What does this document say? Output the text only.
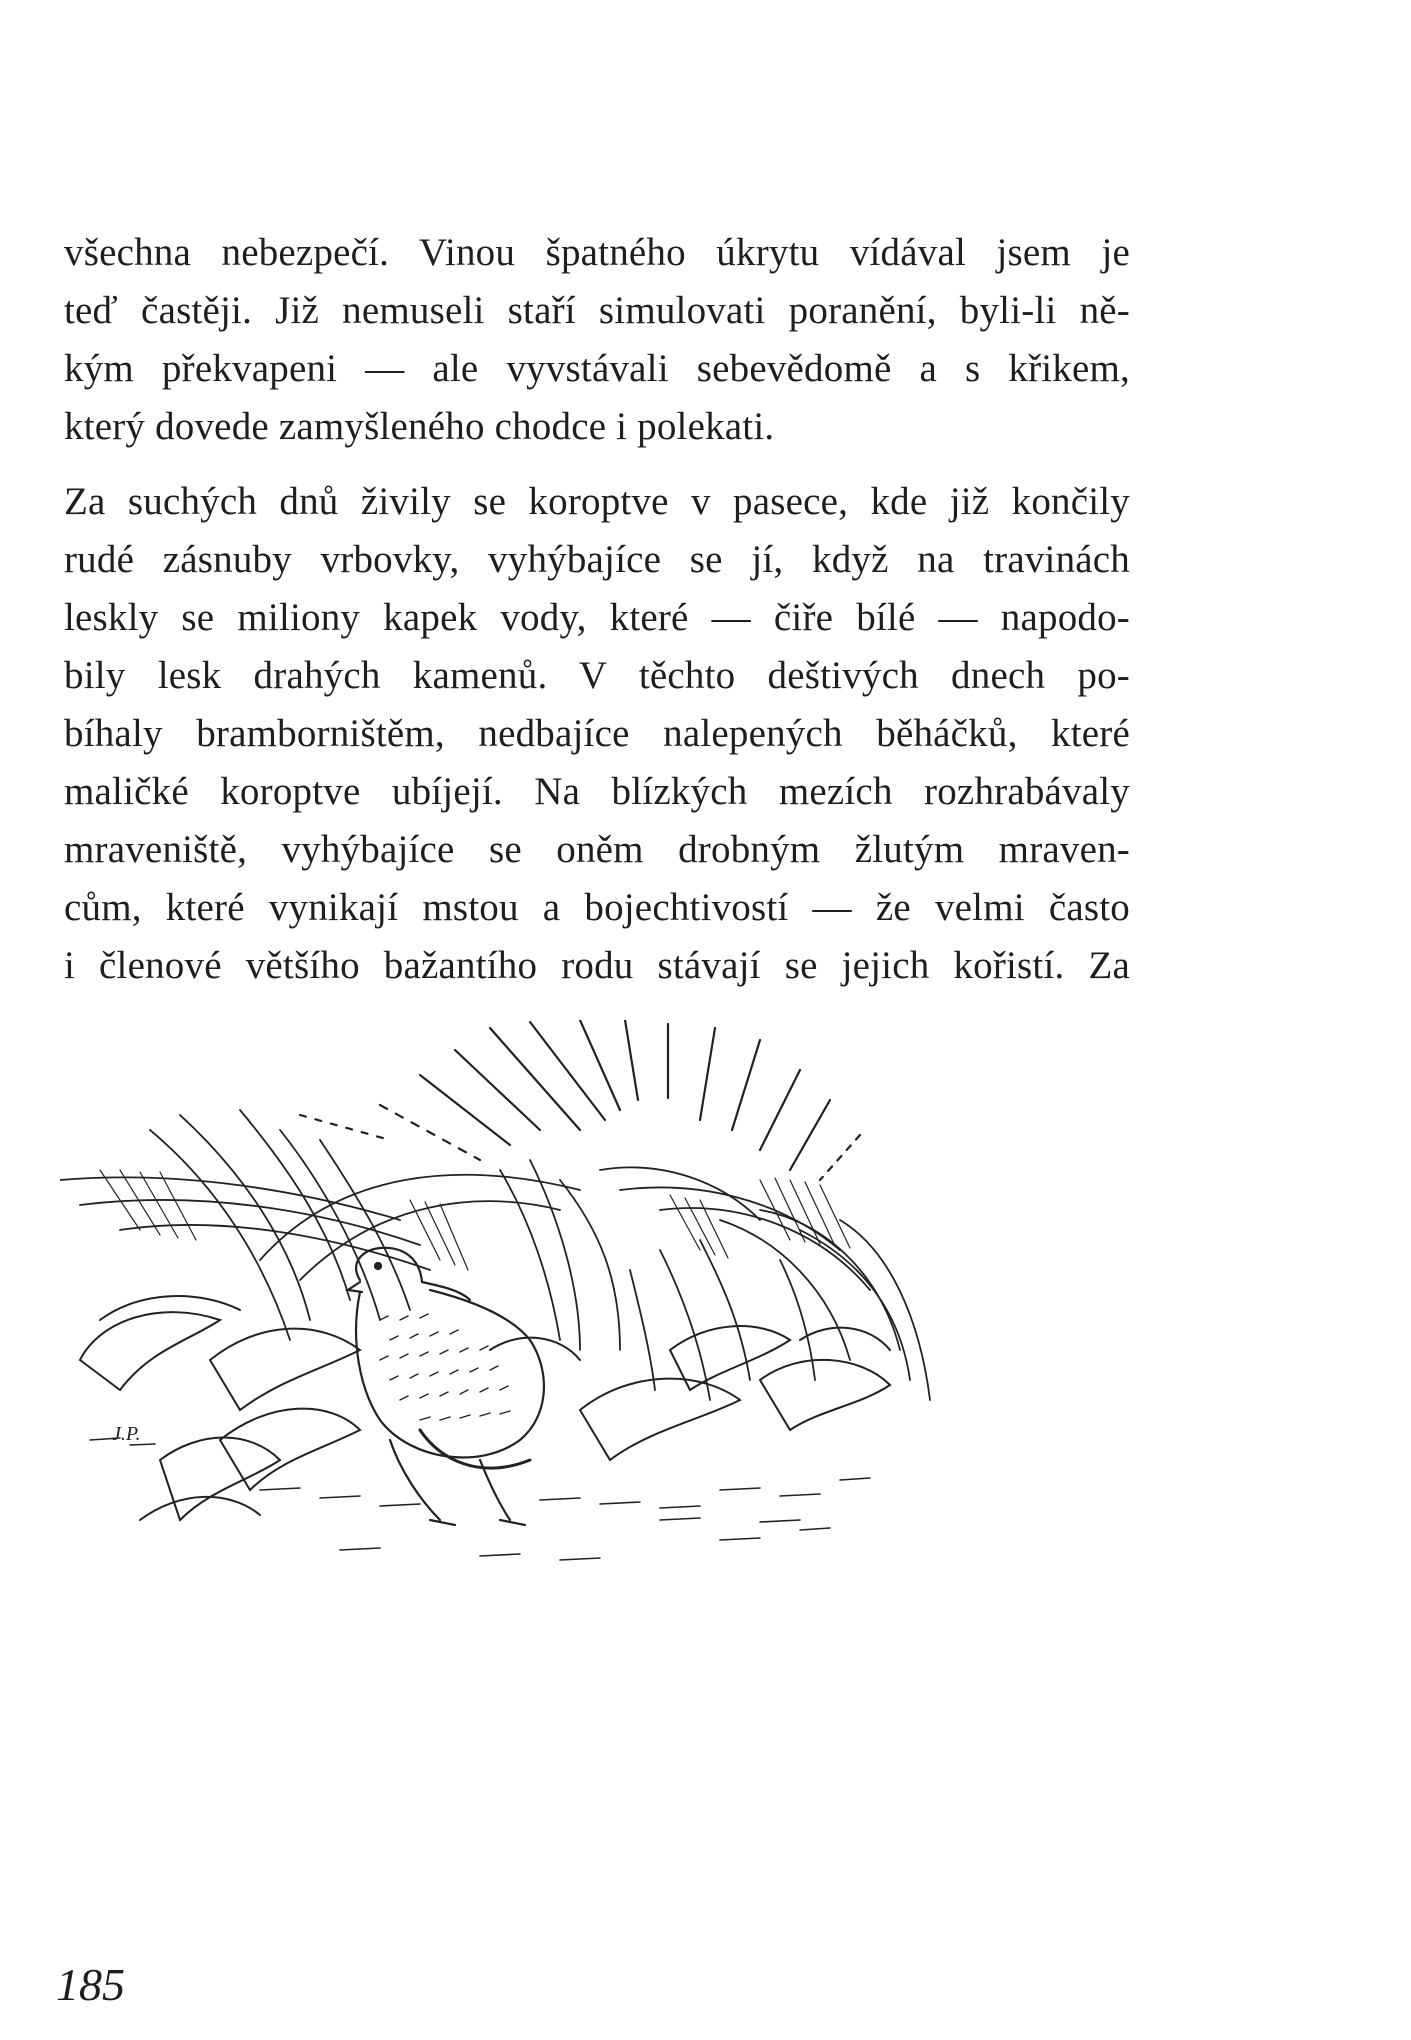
všechna nebezpečí. Vinou špatného úkrytu vídával jsem je
teď častěji. Již nemuseli staří simulovati poranění, byli-li ně-
kým překvapeni — ale vyvstávali sebevědomě a s křikem,
který dovede zamyšleného chodce i polekati.

Za suchých dnů živily se koroptve v pasece, kde již končily
rudé zásnuby vrbovky, vyhýbajíce se jí, když na travinách
leskly se miliony kapek vody, které — čiře bílé — napodo-
bily lesk drahých kamenů. V těchto deštivých dnech po-
bíhaly bramborništěm, nedbajíce nalepených běháčků, které
maličké koroptve ubíjejí. Na blízkých mezích rozhrabávaly
mraveniště, vyhýbajíce se oněm drobným žlutým mraven-
cům, které vynikají mstou a bojechtivostí — že velmi často
i členové většího bažantího rodu stávají se jejich kořistí. Za

J.P.
185
